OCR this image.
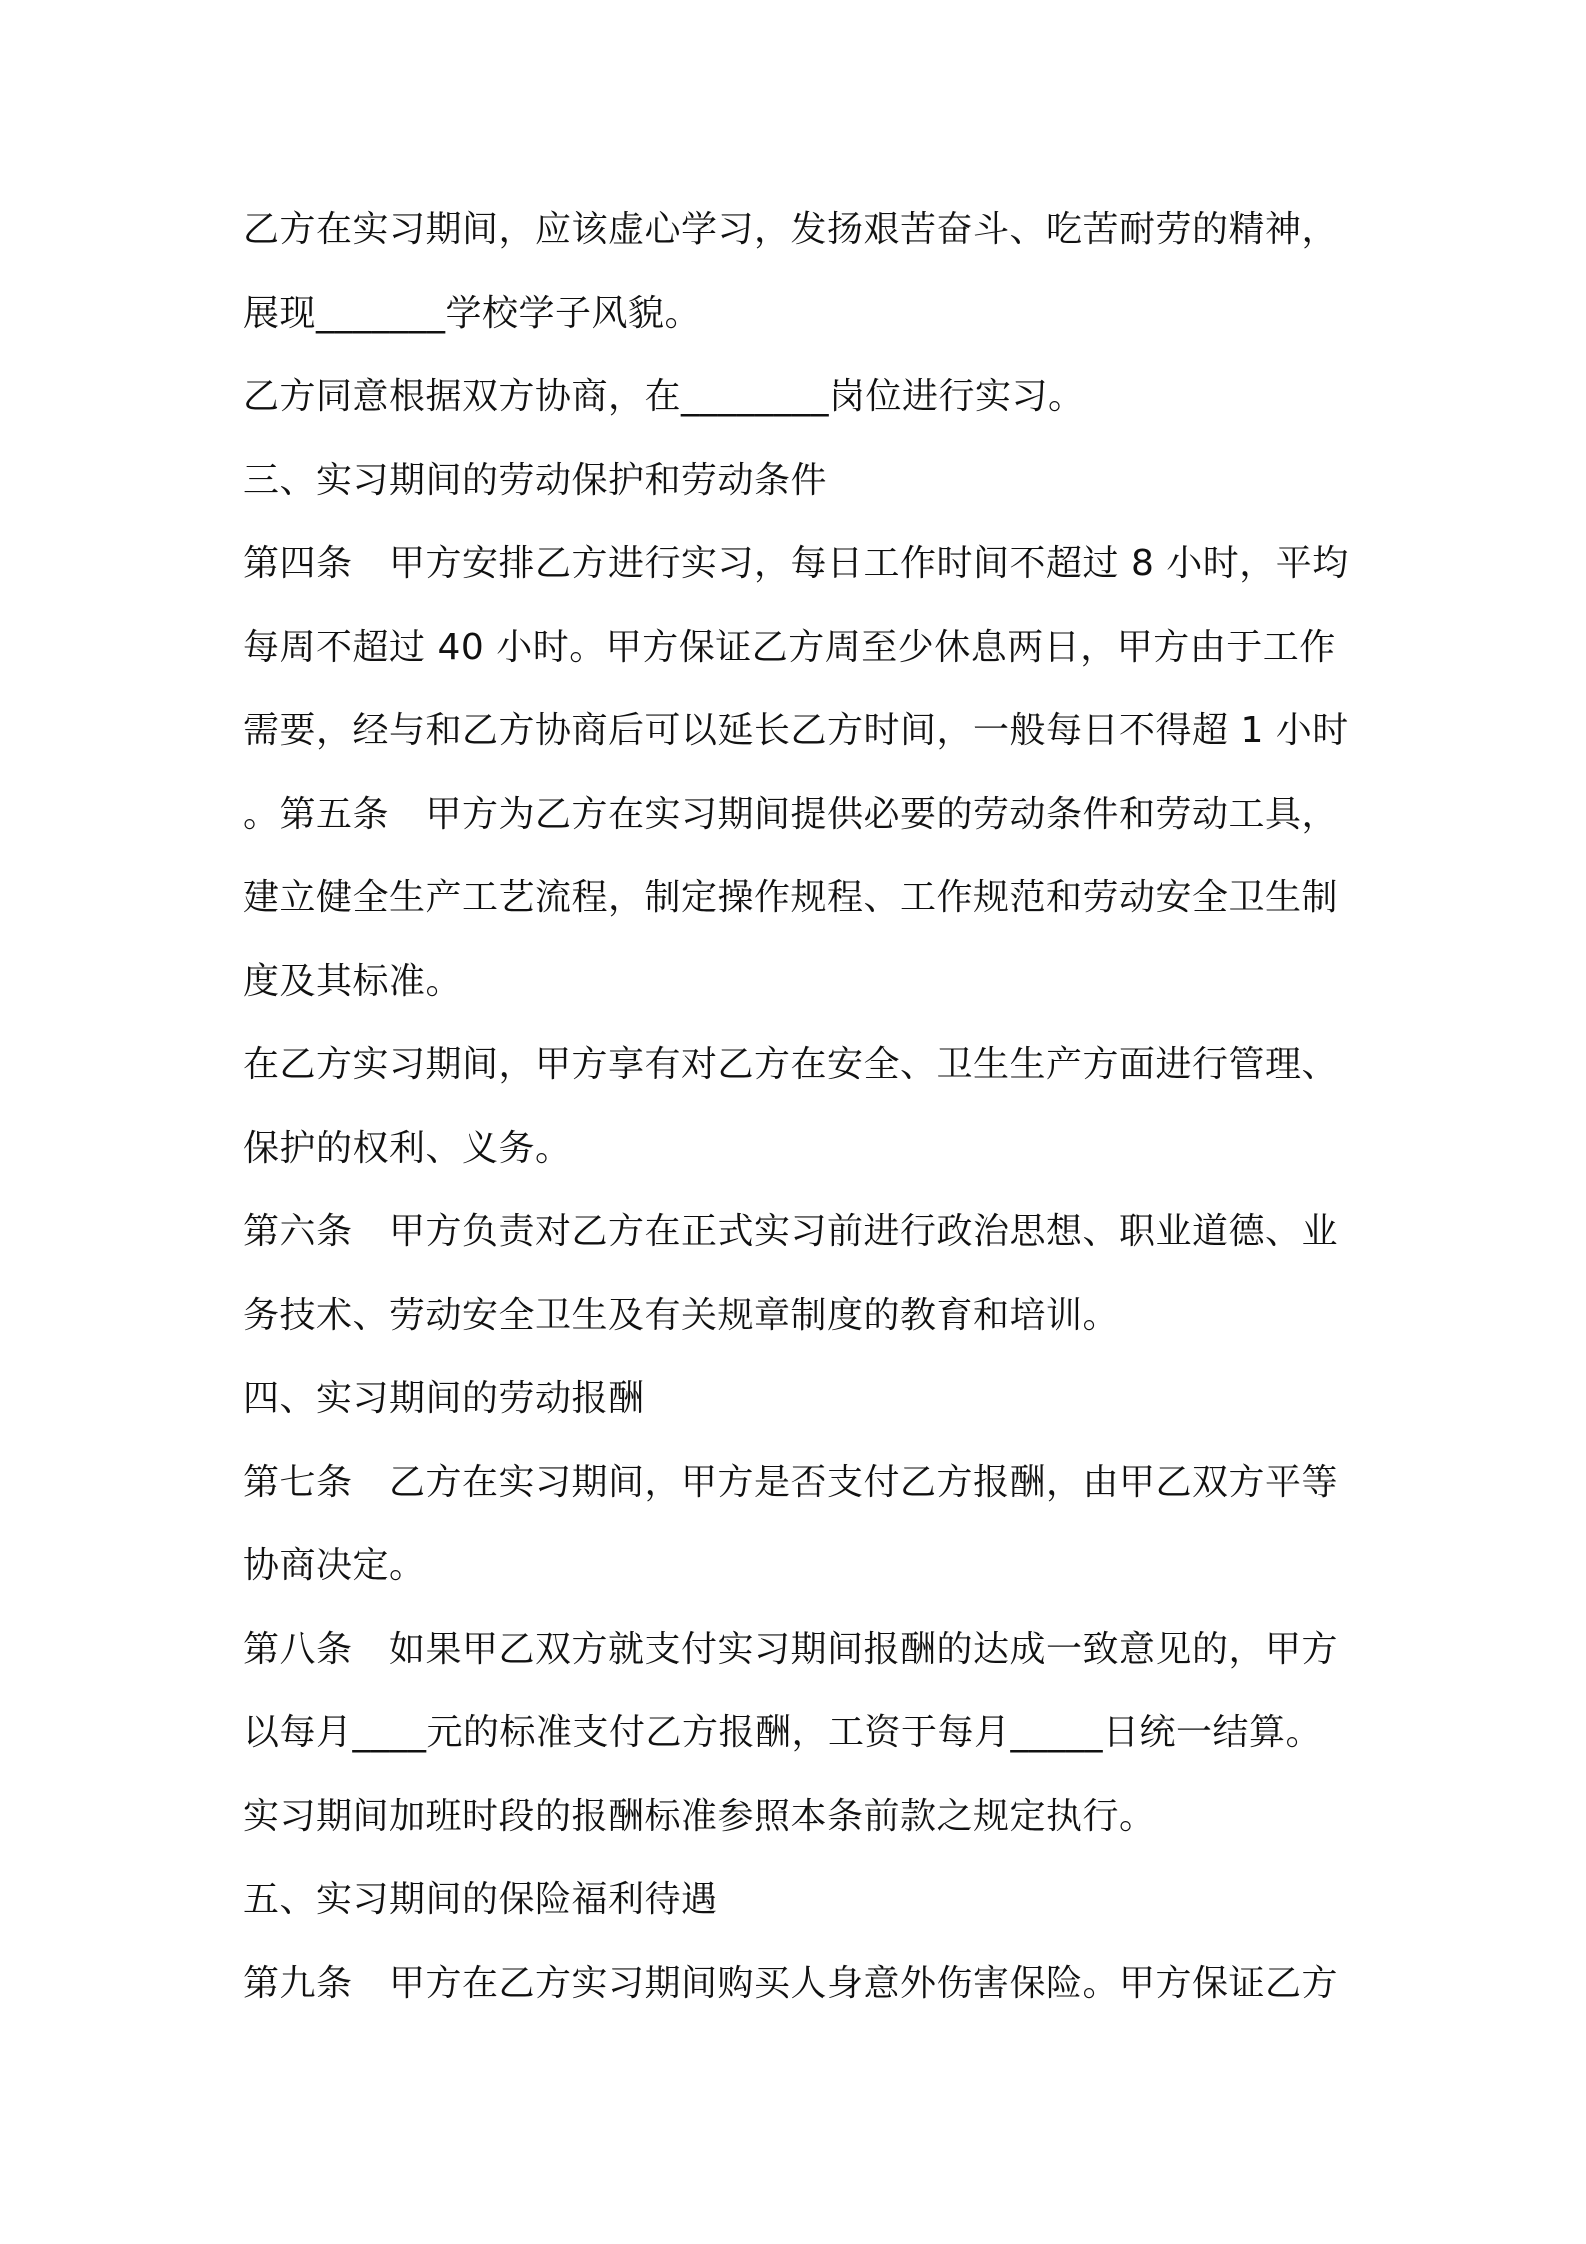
乙方在实习期间，应该虚心学习，发扬艰苦奋斗、吃苦耐劳的精神，
展现_______学校学子风貌。
乙方同意根据双方协商，在________岗位进行实习。
三、实习期间的劳动保护和劳动条件
第四条　甲方安排乙方进行实习，每日工作时间不超过 8 小时，平均
每周不超过 40 小时。甲方保证乙方周至少休息两日，甲方由于工作
需要，经与和乙方协商后可以延长乙方时间，一般每日不得超 1 小时
。第五条　甲方为乙方在实习期间提供必要的劳动条件和劳动工具，
建立健全生产工艺流程，制定操作规程、工作规范和劳动安全卫生制
度及其标准。
在乙方实习期间，甲方享有对乙方在安全、卫生生产方面进行管理、
保护的权利、义务。
第六条　甲方负责对乙方在正式实习前进行政治思想、职业道德、业
务技术、劳动安全卫生及有关规章制度的教育和培训。
四、实习期间的劳动报酬
第七条　乙方在实习期间，甲方是否支付乙方报酬，由甲乙双方平等
协商决定。
第八条　如果甲乙双方就支付实习期间报酬的达成一致意见的，甲方
以每月____元的标准支付乙方报酬，工资于每月_____日统一结算。
实习期间加班时段的报酬标准参照本条前款之规定执行。
五、实习期间的保险福利待遇
第九条　甲方在乙方实习期间购买人身意外伤害保险。甲方保证乙方
